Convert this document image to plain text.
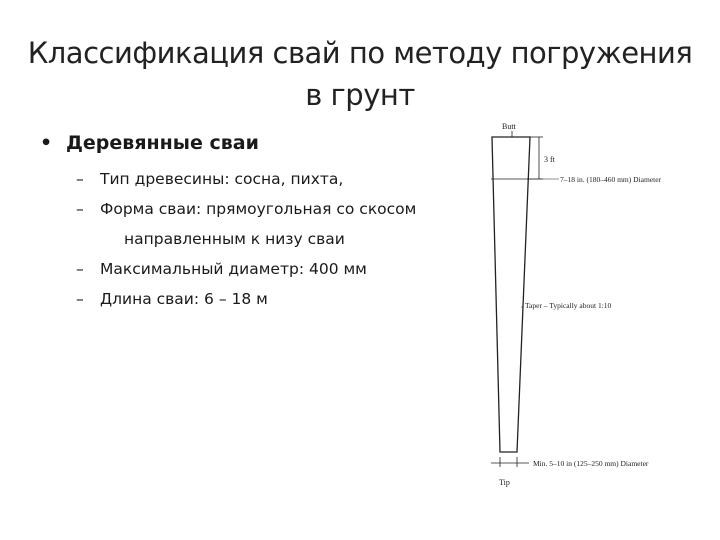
Классификация свай по методу погружения
в грунт
• Деревянные сваи
– Тип древесины: сосна, пихта,
– Форма сваи: прямоугольная со скосом
направленным к низу сваи
– Максимальный диаметр: 400 мм
– Длина сваи: 6 – 18 м
Butt
3 ft
7–18 in. (180–460 mm) Diameter
Taper – Typically about 1:10
Min. 5–10 in (125–250 mm) Diameter
Tip
